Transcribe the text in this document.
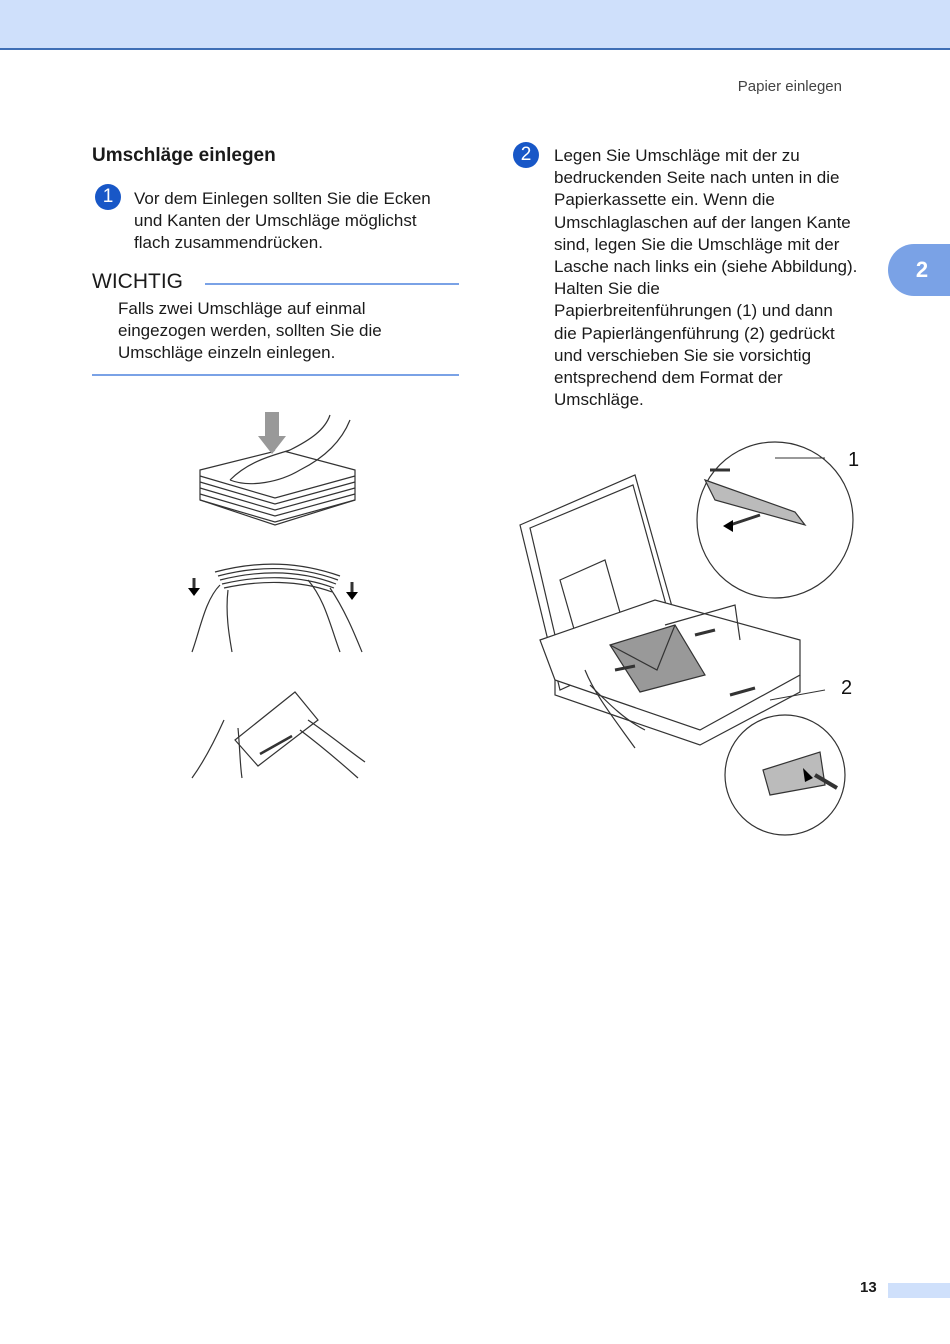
Papier einlegen
Umschläge einlegen
1	Vor dem Einlegen sollten Sie die Ecken
und Kanten der Umschläge möglichst
flach zusammendrücken.
WICHTIG
Falls zwei Umschläge auf einmal
eingezogen werden, sollten Sie die
Umschläge einzeln einlegen.
2	Legen Sie Umschläge mit der zu
bedruckenden Seite nach unten in die
Papierkassette ein. Wenn die
Umschlaglaschen auf der langen Kante
sind, legen Sie die Umschläge mit der
Lasche nach links ein (siehe Abbildung).
Halten Sie die
Papierbreitenführungen (1) und dann
die Papierlängenführung (2) gedrückt
und verschieben Sie sie vorsichtig
entsprechend dem Format der
Umschläge.
2
1
2
13
